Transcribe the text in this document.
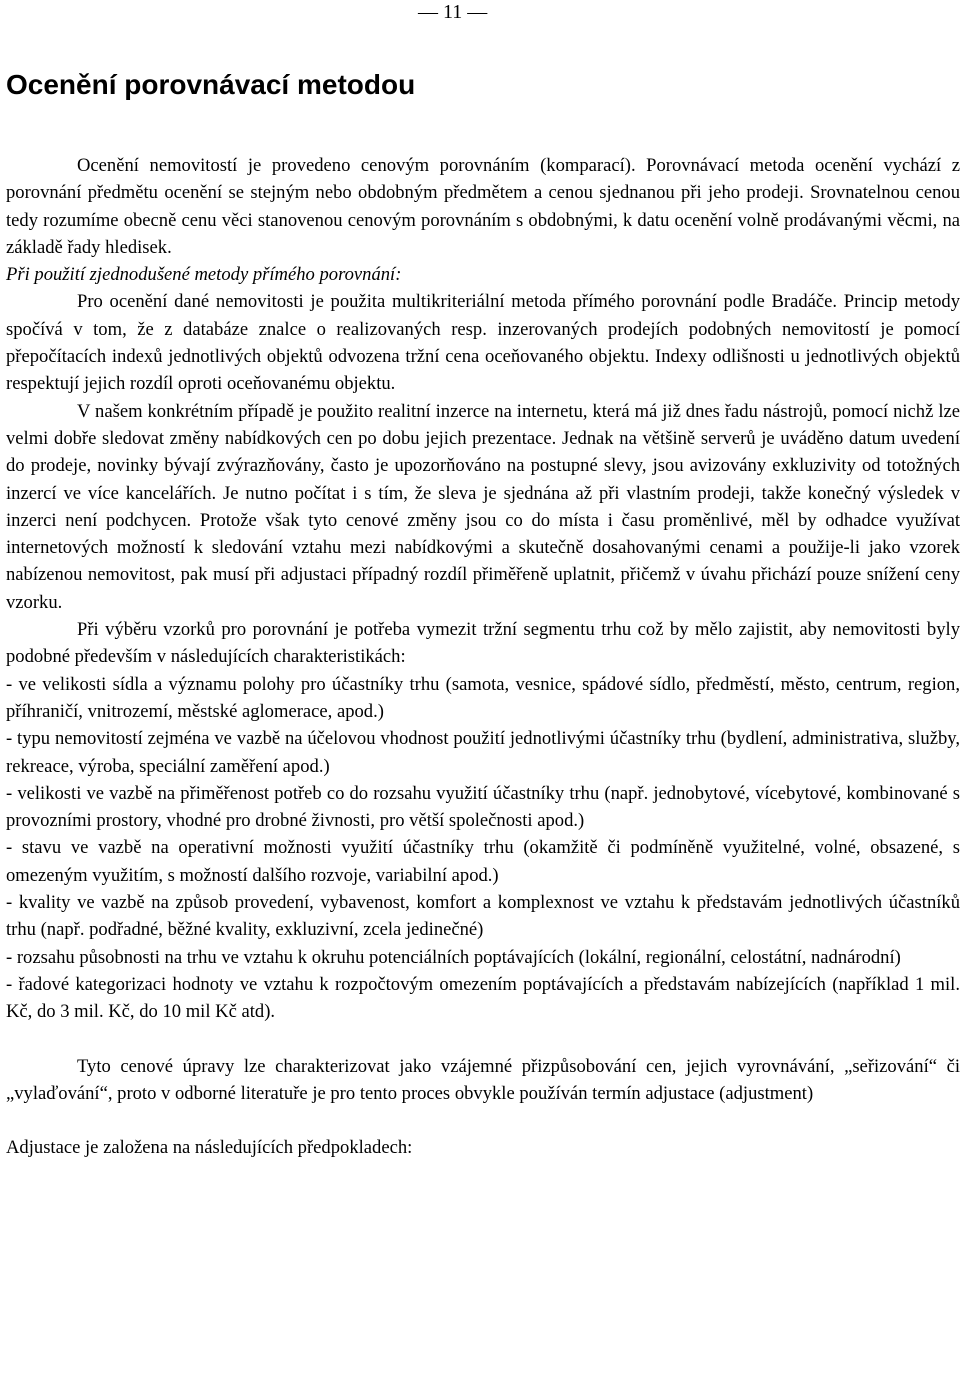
— 11 —
Ocenění porovnávací metodou

Ocenění nemovitostí je provedeno cenovým porovnáním (komparací). Porovnávací metoda ocenění vychází z porovnání předmětu ocenění se stejným nebo obdobným předmětem a cenou sjednanou při jeho prodeji. Srovnatelnou cenou tedy rozumíme obecně cenu věci stanovenou cenovým porovnáním s obdobnými, k datu ocenění volně prodávanými věcmi, na základě řady hledisek.

Při použití zjednodušené metody přímého porovnání:

Pro ocenění dané nemovitosti je použita multikriteriální metoda přímého porovnání podle Bradáče. Princip metody spočívá v tom, že z databáze znalce o realizovaných resp. inzerovaných prodejích podobných nemovitostí je pomocí přepočítacích indexů jednotlivých objektů odvozena tržní cena oceňovaného objektu. Indexy odlišnosti u jednotlivých objektů respektují jejich rozdíl oproti oceňovanému objektu.

V našem konkrétním případě je použito realitní inzerce na internetu, která má již dnes řadu nástrojů, pomocí nichž lze velmi dobře sledovat změny nabídkových cen po dobu jejich prezentace. Jednak na většině serverů je uváděno datum uvedení do prodeje, novinky bývají zvýrazňovány, často je upozorňováno na postupné slevy, jsou avizovány exkluzivity od totožných inzercí ve více kancelářích. Je nutno počítat i s tím, že sleva je sjednána až při vlastním prodeji, takže konečný výsledek v inzerci není podchycen. Protože však tyto cenové změny jsou co do místa i času proměnlivé, měl by odhadce využívat internetových možností k sledování vztahu mezi nabídkovými a skutečně dosahovanými cenami a použije-li jako vzorek nabízenou nemovitost, pak musí při adjustaci případný rozdíl přiměřeně uplatnit, přičemž v úvahu přichází pouze snížení ceny vzorku.

Při výběru vzorků pro porovnání je potřeba vymezit tržní segmentu trhu což by mělo zajistit, aby nemovitosti byly podobné především v následujících charakteristikách:

- ve velikosti sídla a významu polohy pro účastníky trhu (samota, vesnice, spádové sídlo, předměstí, město, centrum, region, příhraničí, vnitrozemí, městské aglomerace, apod.)

- typu nemovitostí zejména ve vazbě na účelovou vhodnost použití jednotlivými účastníky trhu (bydlení, administrativa, služby, rekreace, výroba, speciální zaměření apod.)

- velikosti ve vazbě na přiměřenost potřeb co do rozsahu využití účastníky trhu (např. jednobytové, vícebytové, kombinované s provozními prostory, vhodné pro drobné živnosti, pro větší společnosti apod.)

- stavu ve vazbě na operativní možnosti využití účastníky trhu (okamžitě či podmíněně využitelné, volné, obsazené, s omezeným využitím, s možností dalšího rozvoje, variabilní apod.)

- kvality ve vazbě na způsob provedení, vybavenost, komfort a komplexnost ve vztahu k představám jednotlivých účastníků trhu (např. podřadné, běžné kvality, exkluzivní, zcela jedinečné)

- rozsahu působnosti na trhu ve vztahu k okruhu potenciálních poptávajících (lokální, regionální, celostátní, nadnárodní)

- řadové kategorizaci hodnoty ve vztahu k rozpočtovým omezením poptávajících a představám nabízejících (například 1 mil. Kč, do 3 mil. Kč, do 10 mil Kč atd).

Tyto cenové úpravy lze charakterizovat jako vzájemné přizpůsobování cen, jejich vyrovnávání, „seřizování“ či „vylaďování“, proto v odborné literatuře je pro tento proces obvykle používán termín adjustace (adjustment)

Adjustace je založena na následujících předpokladech:
